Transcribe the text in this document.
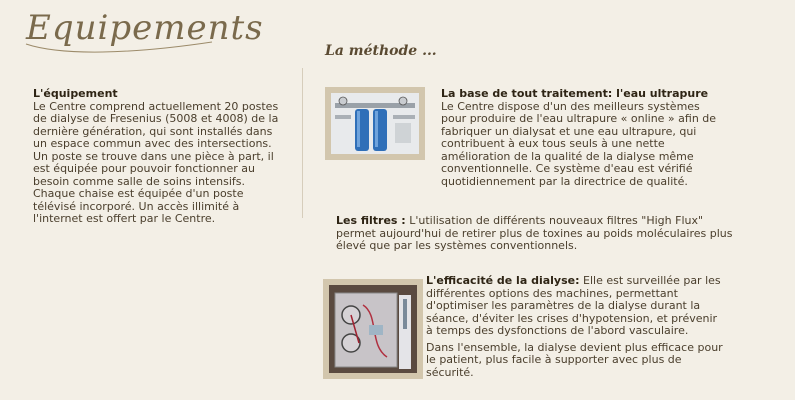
Equipements
La méthode ...
L'équipement
Le Centre comprend actuellement 20 postes de dialyse de Fresenius (5008 et 4008) de la dernière génération, qui sont installés dans un espace commun avec des intersections. Un poste se trouve dans une pièce à part, il est équipée pour pouvoir fonctionner au besoin comme salle de soins intensifs. Chaque chaise est équipée d'un poste télévisé incorporé. Un accès illimité à l'internet est offert par le Centre.
La base de tout traitement: l'eau ultrapure
Le Centre dispose d'un des meilleurs systèmes pour produire de l'eau ultrapure « online » afin de fabriquer un dialysat et une eau ultrapure, qui contribuent à eux tous seuls à une nette amélioration de la qualité de la dialyse même conventionnelle. Ce système d'eau est vérifié quotidiennement par la directrice de qualité.
Les filtres : L'utilisation de différents nouveaux filtres "High Flux" permet aujourd'hui de retirer plus de toxines au poids moléculaires plus élevé que par les systèmes conventionnels.

L'efficacité de la dialyse: Elle est surveillée par les différentes options des machines, permettant d'optimiser les paramètres de la dialyse durant la séance, d'éviter les crises d'hypotension, et prévenir à temps des dysfonctions de l'abord vasculaire.

Dans l'ensemble, la dialyse devient plus efficace pour le patient, plus facile à supporter avec plus de sécurité.
